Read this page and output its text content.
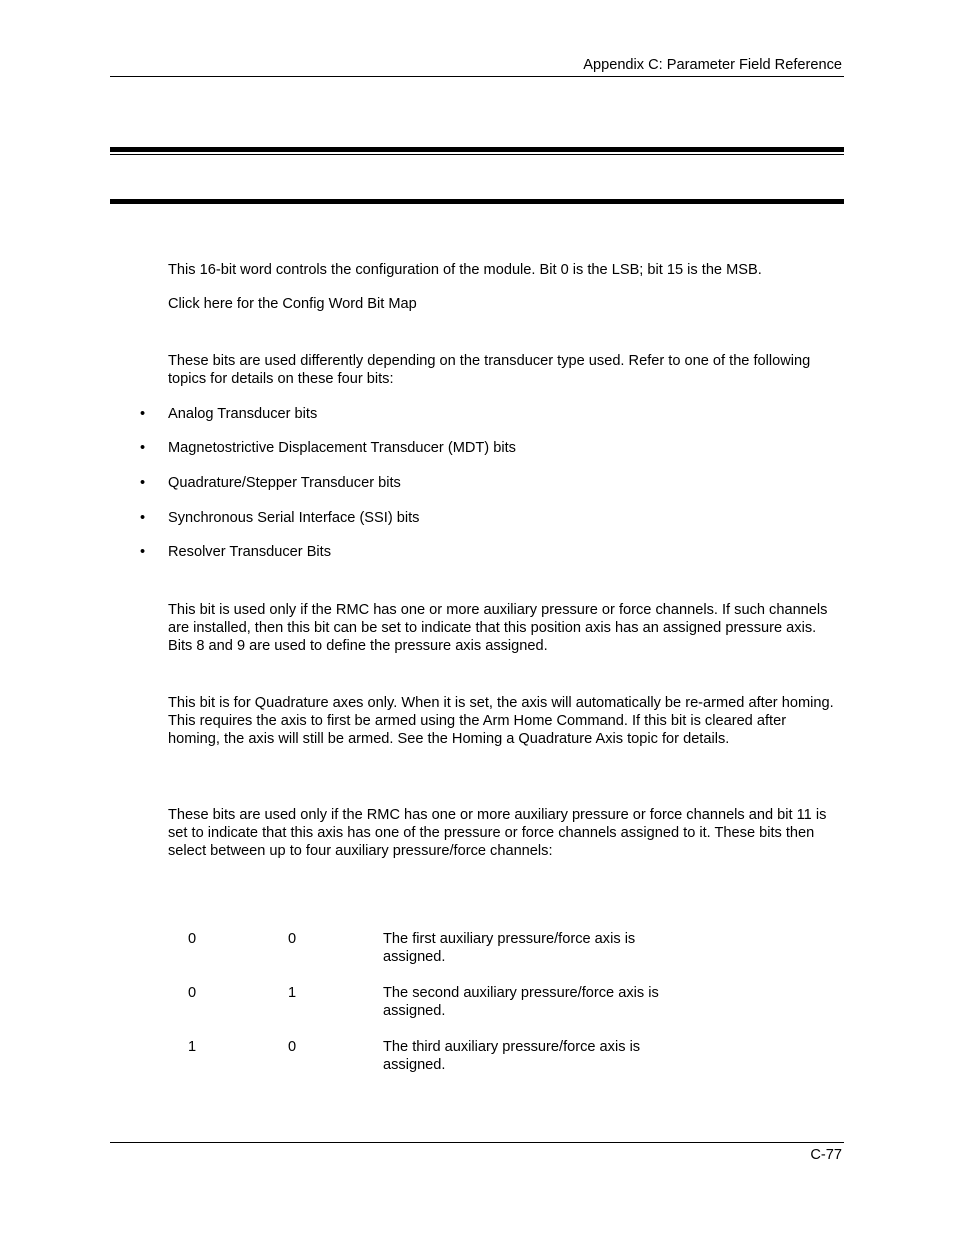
Appendix C: Parameter Field Reference

This 16-bit word controls the configuration of the module. Bit 0 is the LSB; bit 15 is the MSB.

Click here for the Config Word Bit Map

These bits are used differently depending on the transducer type used. Refer to one of the following topics for details on these four bits:

• Analog Transducer bits
• Magnetostrictive Displacement Transducer (MDT) bits
• Quadrature/Stepper Transducer bits
• Synchronous Serial Interface (SSI) bits
• Resolver Transducer Bits

This bit is used only if the RMC has one or more auxiliary pressure or force channels. If such channels are installed, then this bit can be set to indicate that this position axis has an assigned pressure axis. Bits 8 and 9 are used to define the pressure axis assigned.

This bit is for Quadrature axes only. When it is set, the axis will automatically be re-armed after homing. This requires the axis to first be armed using the Arm Home Command. If this bit is cleared after homing, the axis will still be armed. See the Homing a Quadrature Axis topic for details.

These bits are used only if the RMC has one or more auxiliary pressure or force channels and bit 11 is set to indicate that this axis has one of the pressure or force channels assigned to it. These bits then select between up to four auxiliary pressure/force channels:

0	0	The first auxiliary pressure/force axis is assigned.
0	1	The second auxiliary pressure/force axis is assigned.
1	0	The third auxiliary pressure/force axis is assigned.
C-77
